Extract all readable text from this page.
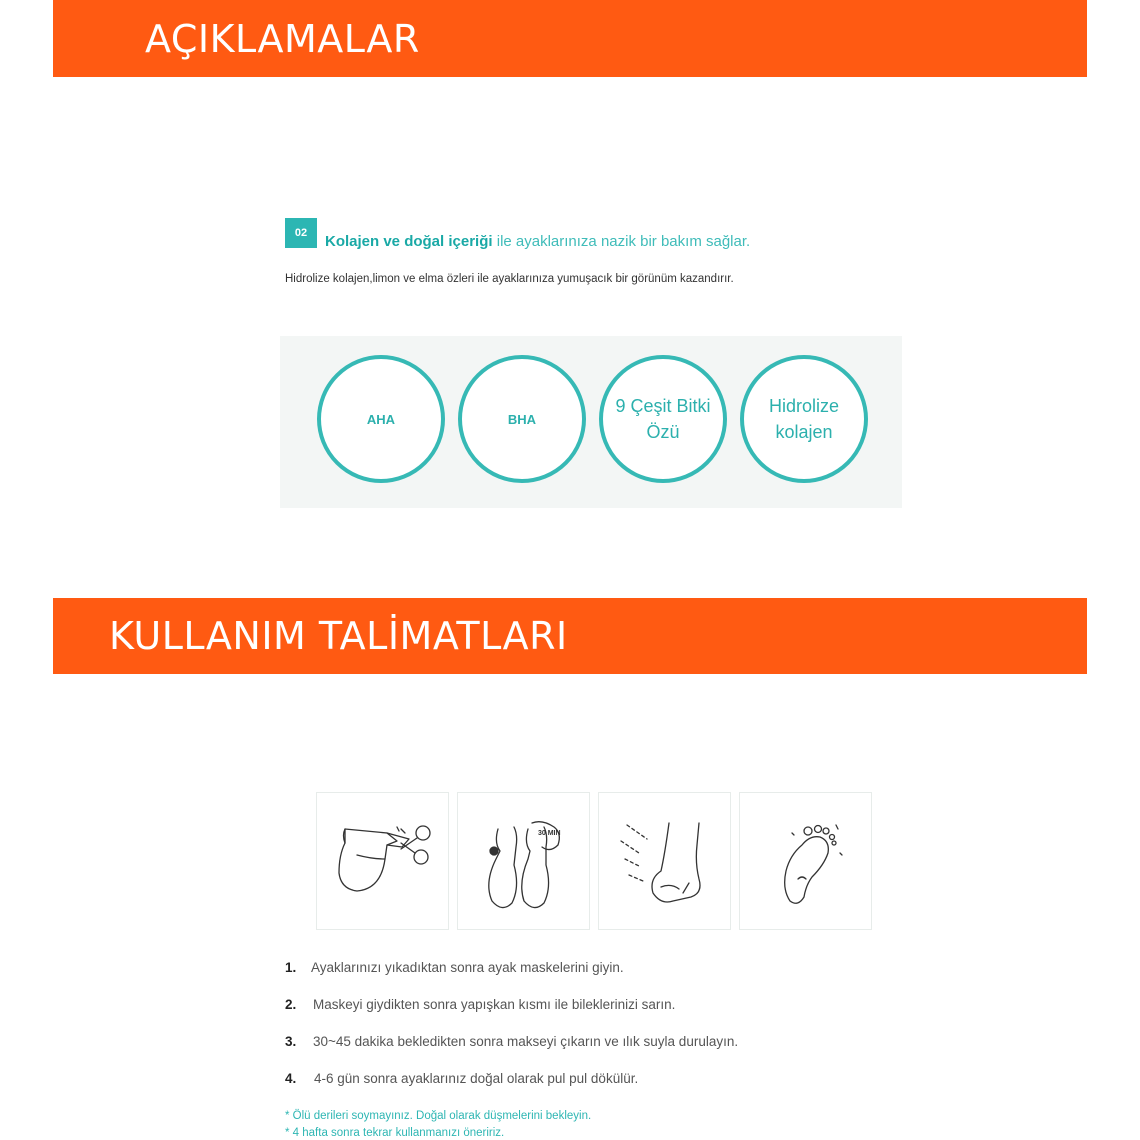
AÇIKLAMALAR
02	Kolajen ve doğal içeriği ile ayaklarınıza nazik bir bakım sağlar.
Hidrolize kolajen,limon ve elma özleri ile ayaklarınıza yumuşacık bir görünüm kazandırır.
AHA	BHA
9 Çeşit Bitki Özü
Hidrolize kolajen
KULLANIM TALİMATLARI
30 MIN
1. Ayaklarınızı yıkadıktan sonra ayak maskelerini giyin.
2. Maskeyi giydikten sonra yapışkan kısmı ile bileklerinizi sarın.
3. 30~45 dakika bekledikten sonra makseyi çıkarın ve ılık suyla durulayın.
4. 4-6 gün sonra ayaklarınız doğal olarak pul pul dökülür.
* Ölü derileri soymayınız. Doğal olarak düşmelerini bekleyin.
* 4 hafta sonra tekrar kullanmanızı öneririz.
